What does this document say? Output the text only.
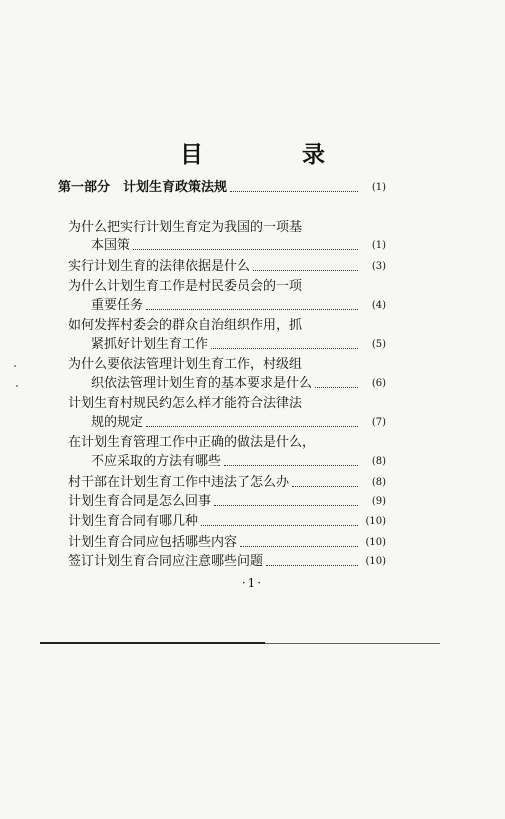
目　录
第一部分　计划生育政策法规	(1)
为什么把实行计划生育定为我国的一项基
本国策	(1)
实行计划生育的法律依据是什么	(3)
为什么计划生育工作是村民委员会的一项
重要任务	(4)
如何发挥村委会的群众自治组织作用，抓
紧抓好计划生育工作	(5)
为什么要依法管理计划生育工作，村级组
织依法管理计划生育的基本要求是什么	(6)
计划生育村规民约怎么样才能符合法律法
规的规定	(7)
在计划生育管理工作中正确的做法是什么，
不应采取的方法有哪些	(8)
村干部在计划生育工作中违法了怎么办	(8)
计划生育合同是怎么回事	(9)
计划生育合同有哪几种	(10)
计划生育合同应包括哪些内容	(10)
签订计划生育合同应注意哪些问题	(10)
·1·
